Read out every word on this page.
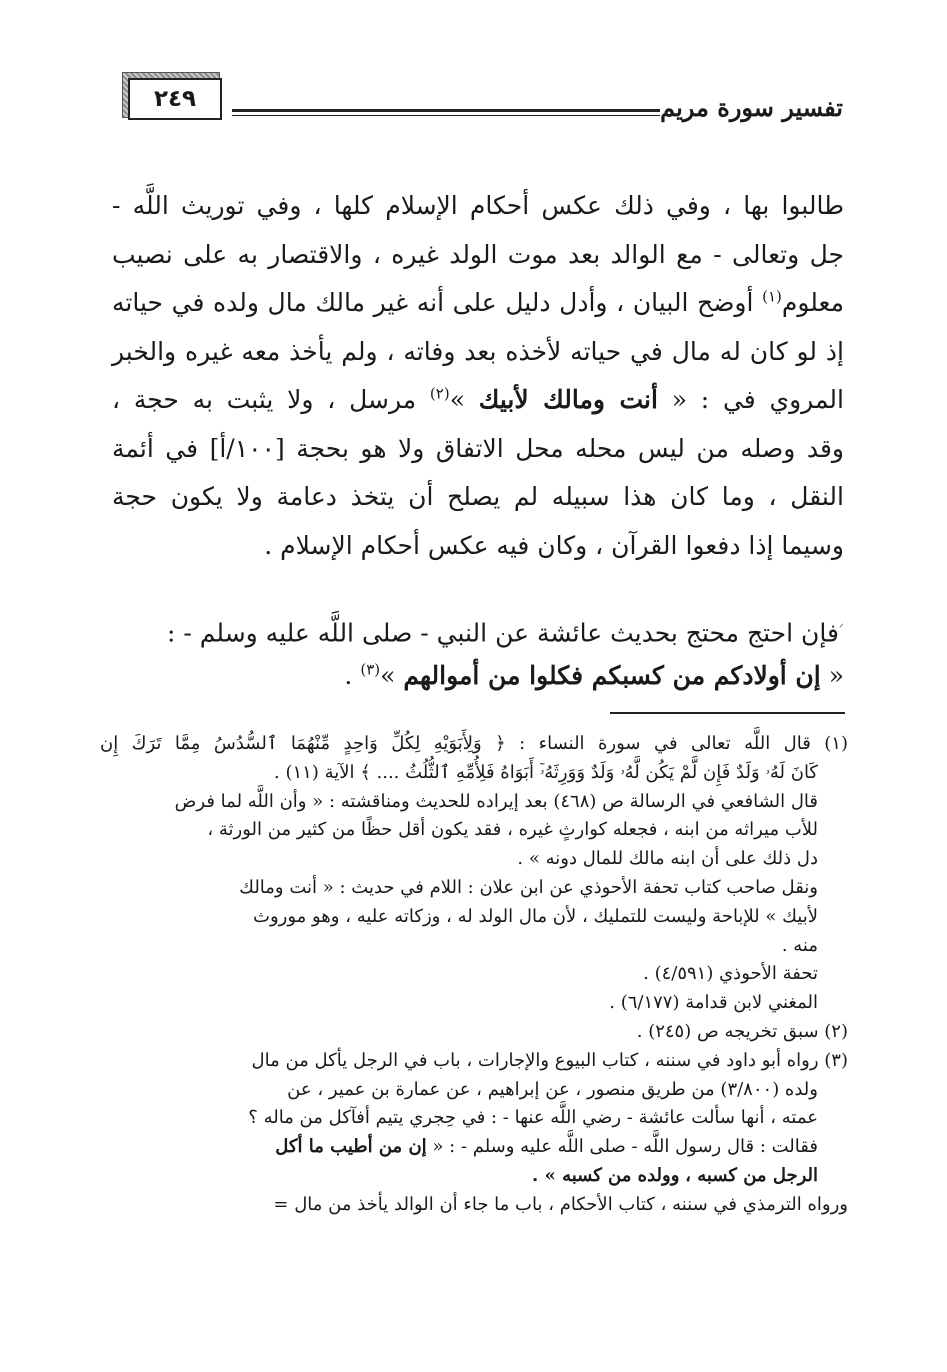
٢٤٩	تفسير سورة مريم
طالبوا بها ، وفي ذلك عكس أحكام الإسلام كلها ، وفي توريث اللَّه -
جل وتعالى - مع الوالد بعد موت الولد غيره ، والاقتصار به على نصيب
معلوم$^{(١)}$ أوضح البيان ، وأدل دليل على أنه غير مالك مال ولده في حياته
إذ لو كان له مال في حياته لأخذه بعد وفاته ، ولم يأخذ معه غيره والخبر
المروي في : « أنت ومالك لأبيك »$^{(٢)}$ مرسل ، ولا يثبت به حجة ،
وقد وصله من ليس محله محل الاتفاق ولا هو بحجة [١٠٠/أ] في أئمة
النقل ، وما كان هذا سبيله لم يصلح أن يتخذ دعامة ولا يكون حجة
وسيما إذا دفعوا القرآن ، وكان فيه عكس أحكام الإسلام .
$^ᐟ$فإن احتج محتج بحديث عائشة عن النبي - صلى اللَّه عليه وسلم - :
« إن أولادكم من كسبكم فكلوا من أموالهم »$^{(٣)}$ .
(١) قال اللَّه تعالى في سورة النساء : ﴿ وَلِأَبَوَيْهِ لِكُلِّ وَاحِدٍ مِّنْهُمَا ٱلسُّدُسُ مِمَّا تَرَكَ إِن
كَانَ لَهُۥ وَلَدٌ فَإِن لَّمْ يَكُن لَّهُۥ وَلَدٌ وَوَرِثَهُۥٓ أَبَوَاهُ فَلِأُمِّهِ ٱلثُّلُثُ .... ﴾ الآية (١١) .
قال الشافعي في الرسالة ص (٤٦٨) بعد إيراده للحديث ومناقشته : « وأن اللَّه لما فرض
للأب ميراثه من ابنه ، فجعله كوارثٍ غيره ، فقد يكون أقل حظًا من كثير من الورثة ،
دل ذلك على أن ابنه مالك للمال دونه » .
ونقل صاحب كتاب تحفة الأحوذي عن ابن علان : اللام في حديث : « أنت ومالك
لأبيك » للإباحة وليست للتمليك ، لأن مال الولد له ، وزكاته عليه ، وهو موروث
منه .
تحفة الأحوذي (٤/٥٩١) .
المغني لابن قدامة (٦/١٧٧) .
(٢) سبق تخريجه ص (٢٤٥) .
(٣) رواه أبو داود في سننه ، كتاب البيوع والإجارات ، باب في الرجل يأكل من مال
ولده (٣/٨٠٠) من طريق منصور ، عن إبراهيم ، عن عمارة بن عمير ، عن
عمته ، أنها سألت عائشة - رضي اللَّه عنها - : في حِجري يتيم أفآكل من ماله ؟
فقالت : قال رسول اللَّه - صلى اللَّه عليه وسلم - : « إن من أطيب ما أكل
الرجل من كسبه ، وولده من كسبه » .
ورواه الترمذي في سننه ، كتاب الأحكام ، باب ما جاء أن الوالد يأخذ من مال =
